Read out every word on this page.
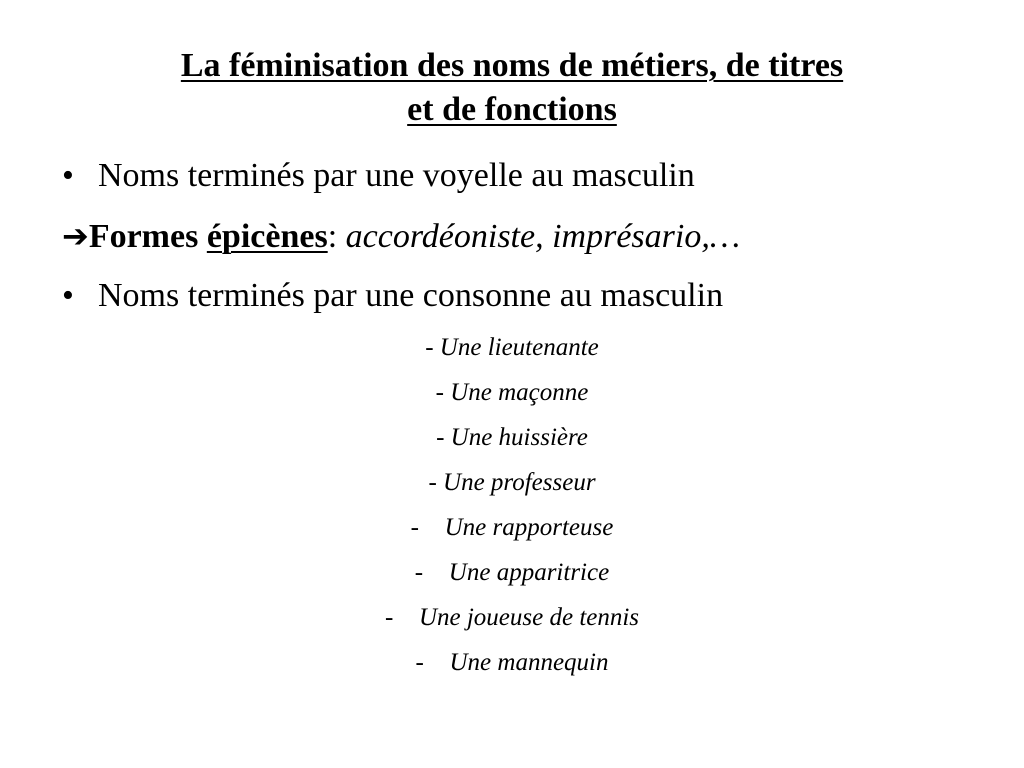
La féminisation des noms de métiers, de titres
et de fonctions
• Noms terminés par une voyelle au masculin
➔Formes épicènes: accordéoniste, imprésario,…
• Noms terminés par une consonne au masculin
- Une lieutenante
- Une maçonne
- Une huissière
- Une professeur
- Une rapporteuse
- Une apparitrice
- Une joueuse de tennis
- Une mannequin
